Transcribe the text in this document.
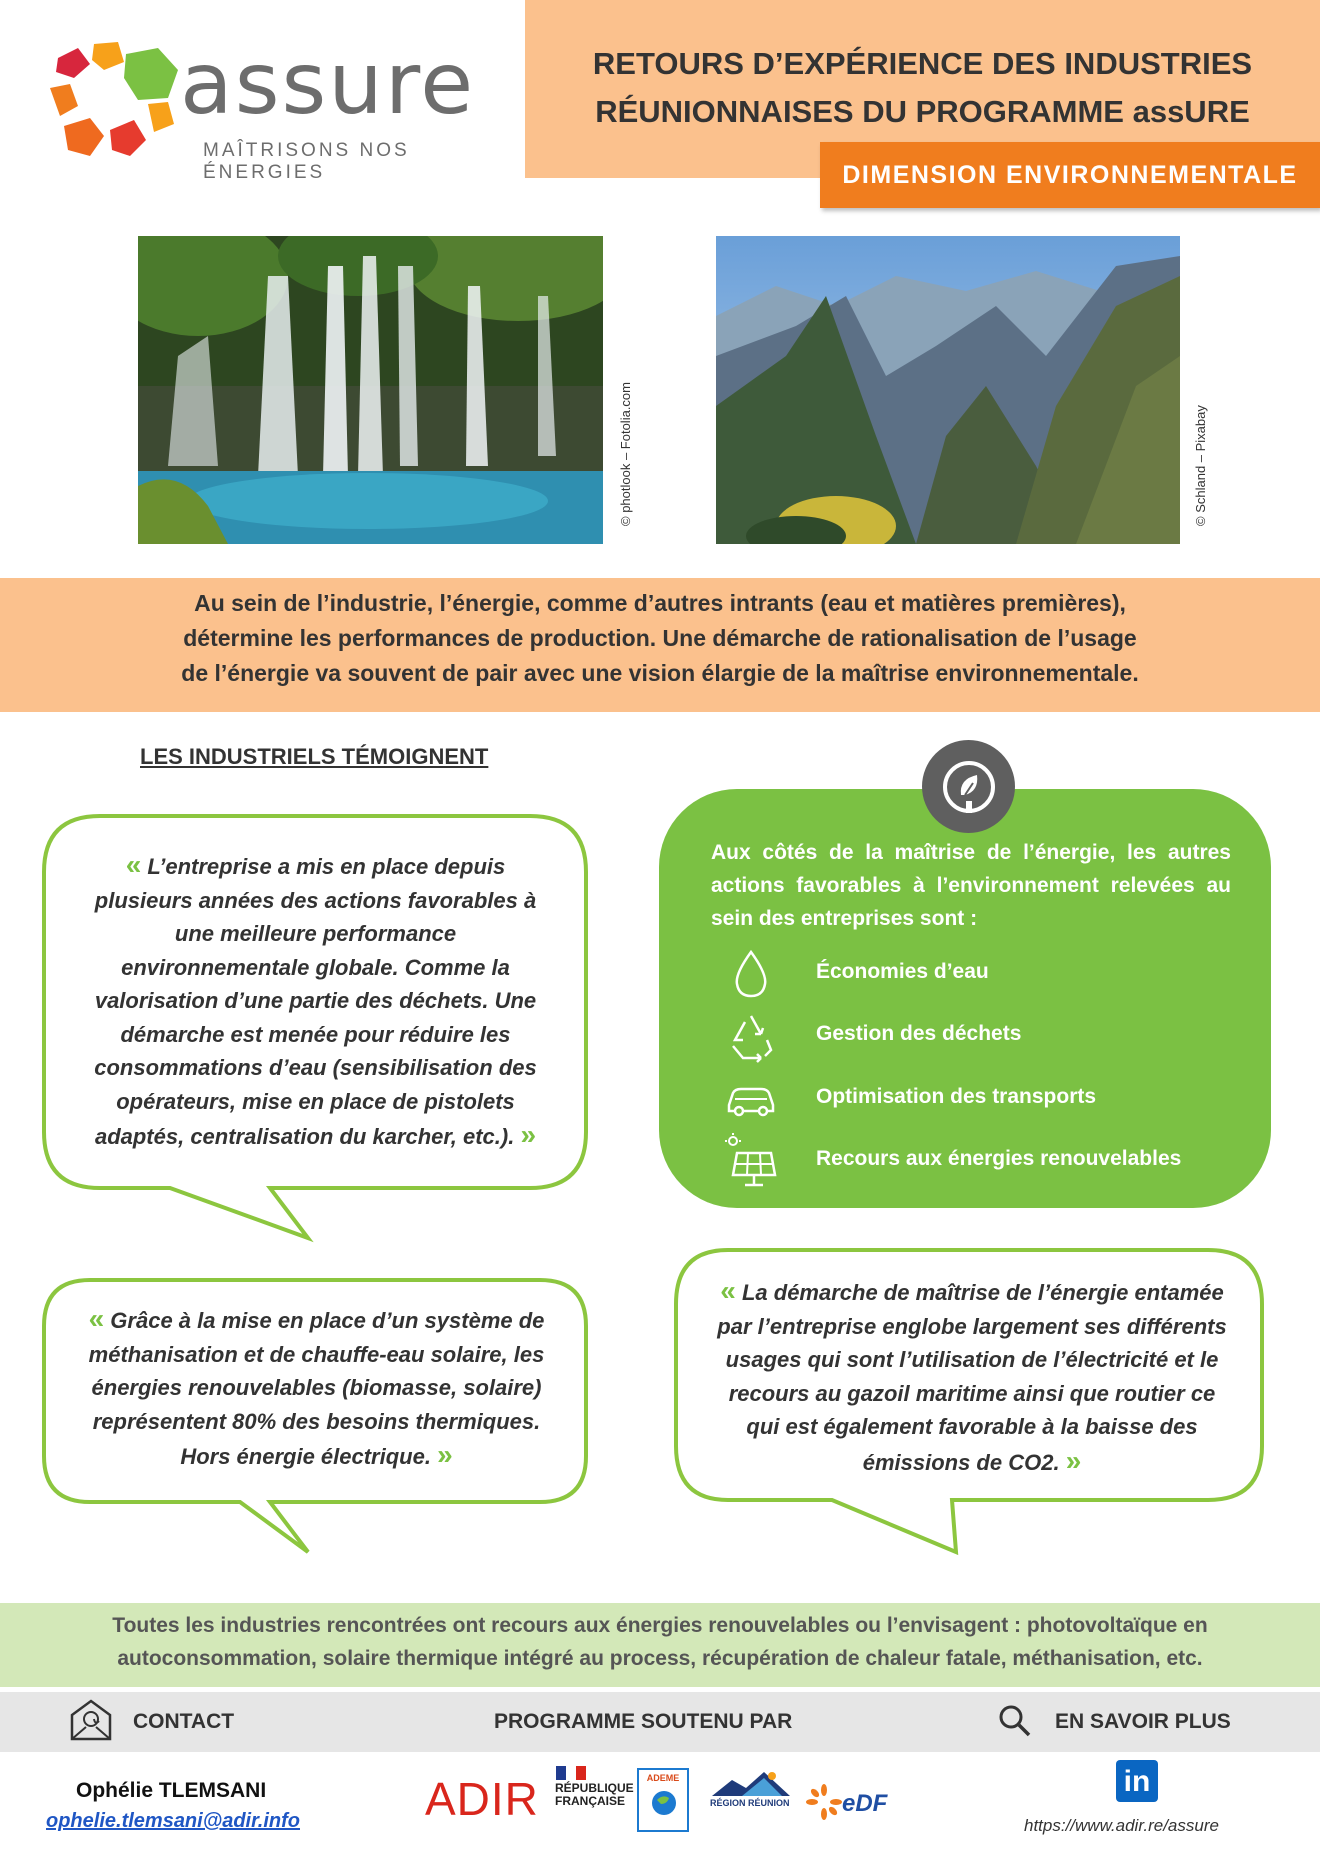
assure
MAÎTRISONS NOS ÉNERGIES
RETOURS D’EXPÉRIENCE DES INDUSTRIES
RÉUNIONNAISES DU PROGRAMME assURE
DIMENSION ENVIRONNEMENTALE
© photlook – Fotolia.com	© Schland – Pixabay
Au sein de l’industrie, l’énergie, comme d’autres intrants (eau et matières premières),
détermine les performances de production. Une démarche de rationalisation de l’usage
de l’énergie va souvent de pair avec une vision élargie de la maîtrise environnementale.
LES INDUSTRIELS TÉMOIGNENT
« L’entreprise a mis en place depuis plusieurs années des actions favorables à une meilleure performance environnementale globale. Comme la valorisation d’une partie des déchets. Une démarche est menée pour réduire les consommations d’eau (sensibilisation des opérateurs, mise en place de pistolets adaptés, centralisation du karcher, etc.). »
« Grâce à la mise en place d’un système de méthanisation et de chauffe-eau solaire, les énergies renouvelables (biomasse, solaire) représentent 80% des besoins thermiques. Hors énergie électrique. »
« La démarche de maîtrise de l’énergie entamée par l’entreprise englobe largement ses différents usages qui sont l’utilisation de l’électricité et le recours au gazoil maritime ainsi que routier ce qui est également favorable à la baisse des émissions de CO2. »
Aux côtés de la maîtrise de l’énergie, les autres actions favorables à l’environnement relevées au sein des entreprises sont :
Économies d’eau
Gestion des déchets
Optimisation des transports
Recours aux énergies renouvelables
Toutes les industries rencontrées ont recours aux énergies renouvelables ou l’envisagent : photovoltaïque en
autoconsommation, solaire thermique intégré au process, récupération de chaleur fatale, méthanisation, etc.
CONTACT	PROGRAMME SOUTENU PAR	EN SAVOIR PLUS
Ophélie TLEMSANI
ophelie.tlemsani@adir.info	ADIR RÉPUBLIQUE FRANÇAISE
ADEME
RÉGION RÉUNION eDF
in
https://www.adir.re/assure
